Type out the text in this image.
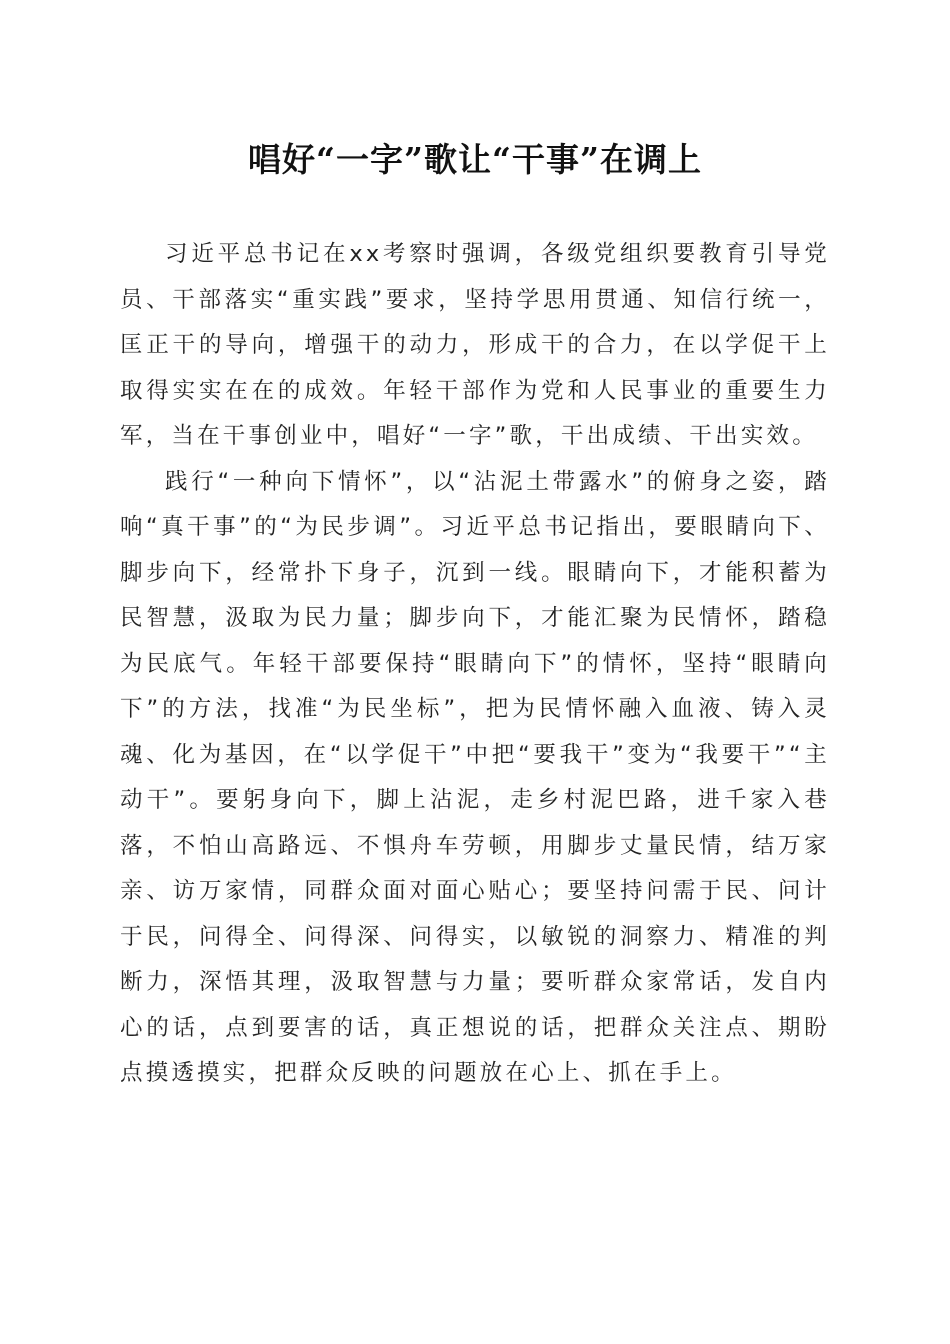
唱好“一字”歌让“干事”在调上

习近平总书记在xx考察时强调，各级党组织要教育引导党员、干部落实“重实践”要求，坚持学思用贯通、知信行统一，匡正干的导向，增强干的动力，形成干的合力，在以学促干上取得实实在在的成效。年轻干部作为党和人民事业的重要生力军，当在干事创业中，唱好“一字”歌，干出成绩、干出实效。

践行“一种向下情怀”，以“沾泥土带露水”的俯身之姿，踏响“真干事”的“为民步调”。习近平总书记指出，要眼睛向下、脚步向下，经常扑下身子，沉到一线。眼睛向下，才能积蓄为民智慧，汲取为民力量；脚步向下，才能汇聚为民情怀，踏稳为民底气。年轻干部要保持“眼睛向下”的情怀，坚持“眼睛向下”的方法，找准“为民坐标”，把为民情怀融入血液、铸入灵魂、化为基因，在“以学促干”中把“要我干”变为“我要干”“主动干”。要躬身向下，脚上沾泥，走乡村泥巴路，进千家入巷落，不怕山高路远、不惧舟车劳顿，用脚步丈量民情，结万家亲、访万家情，同群众面对面心贴心；要坚持问需于民、问计于民，问得全、问得深、问得实，以敏锐的洞察力、精准的判断力，深悟其理，汲取智慧与力量；要听群众家常话，发自内心的话，点到要害的话，真正想说的话，把群众关注点、期盼点摸透摸实，把群众反映的问题放在心上、抓在手上。
